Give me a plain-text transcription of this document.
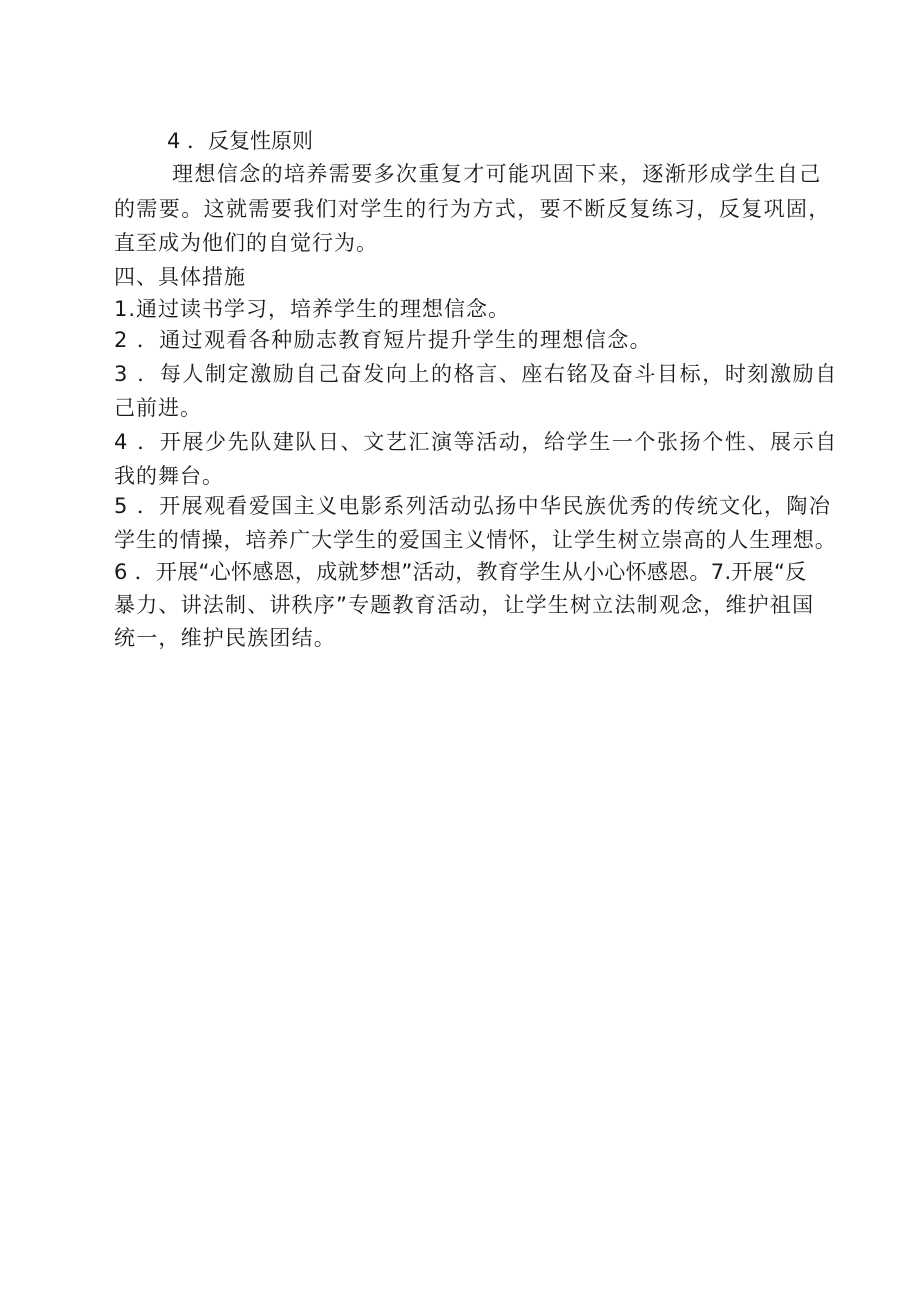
4 ．反复性原则
理想信念的培养需要多次重复才可能巩固下来，逐渐形成学生自己
的需要。这就需要我们对学生的行为方式，要不断反复练习，反复巩固，
直至成为他们的自觉行为。
四、具体措施
1.通过读书学习，培养学生的理想信念。
2 ．通过观看各种励志教育短片提升学生的理想信念。
3 ．每人制定激励自己奋发向上的格言、座右铭及奋斗目标，时刻激励自
己前进。
4 ．开展少先队建队日、文艺汇演等活动，给学生一个张扬个性、展示自
我的舞台。
5 ．开展观看爱国主义电影系列活动弘扬中华民族优秀的传统文化，陶冶
学生的情操，培养广大学生的爱国主义情怀，让学生树立崇高的人生理想。
6 ．开展“心怀感恩，成就梦想”活动，教育学生从小心怀感恩。7.开展“反
暴力、讲法制、讲秩序”专题教育活动，让学生树立法制观念，维护祖国
统一，维护民族团结。
